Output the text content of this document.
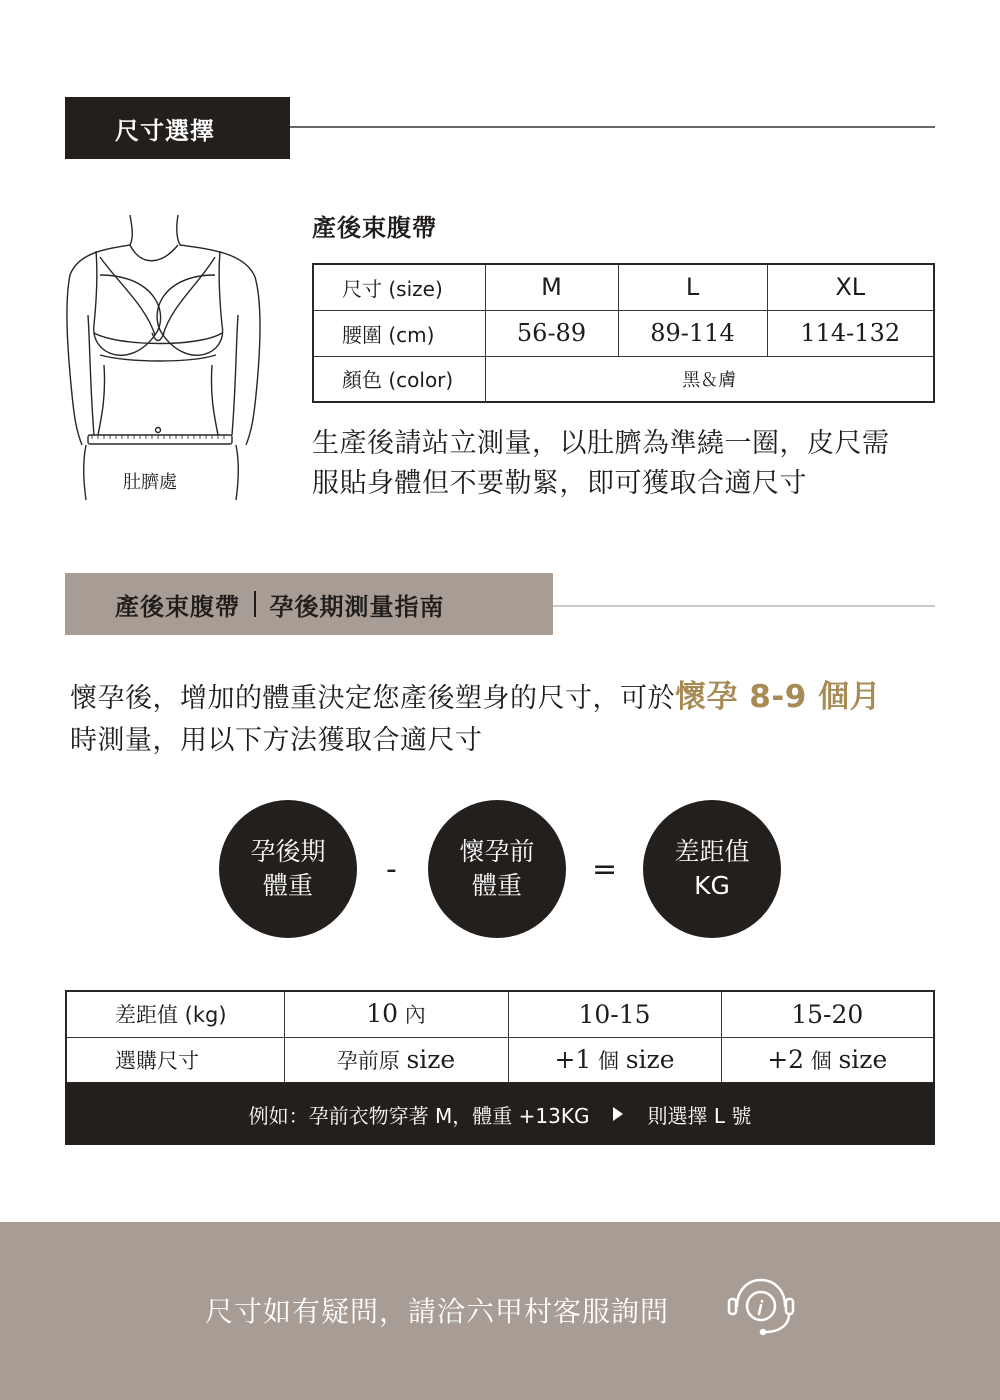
尺寸選擇
肚臍處
產後束腹帶
尺寸 (size)	M	L	XL
腰圍 (cm)	56-89	89-114	114-132
顏色 (color)	黑＆膚		
生產後請站立測量，以肚臍為準繞一圈，皮尺需
服貼身體但不要勒緊，即可獲取合適尺寸
產後束腹帶 孕後期測量指南
懷孕後，增加的體重決定您產後塑身的尺寸，可於懷孕 8-9 個月
時測量，用以下方法獲取合適尺寸
孕後期
體重 -
懷孕前
體重 =
差距值
KG
差距值 (kg)	10 內	10-15	15-20
選購尺寸	孕前原 size	+1 個 size	+2 個 size
例如：孕前衣物穿著 M，體重 +13KG	則選擇 L 號
尺寸如有疑問，請洽六甲村客服詢問
